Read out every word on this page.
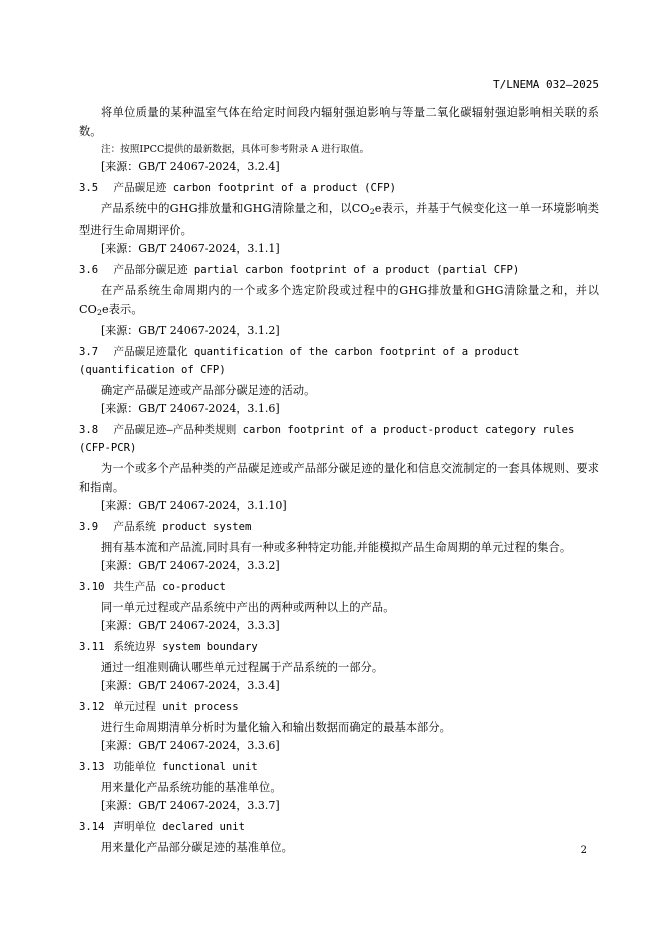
T/LNEMA 032—2025

将单位质量的某种温室气体在给定时间段内辐射强迫影响与等量二氧化碳辐射强迫影响相关联的系数。

注：按照IPCC提供的最新数据，具体可参考附录 A 进行取值。

[来源：GB/T 24067-2024，3.2.4]

3.5 产品碳足迹 carbon footprint of a product (CFP)

产品系统中的GHG排放量和GHG清除量之和，以$CO_2e$表示，并基于气候变化这一单一环境影响类型进行生命周期评价。

[来源：GB/T 24067-2024，3.1.1]

3.6 产品部分碳足迹 partial carbon footprint of a product (partial CFP)

在产品系统生命周期内的一个或多个选定阶段或过程中的GHG排放量和GHG清除量之和，并以$CO_2e$表示。

[来源：GB/T 24067-2024，3.1.2]

3.7 产品碳足迹量化 quantification of the carbon footprint of a product (quantification of CFP)

确定产品碳足迹或产品部分碳足迹的活动。

[来源：GB/T 24067-2024，3.1.6]

3.8 产品碳足迹—产品种类规则 carbon footprint of a product-product category rules (CFP-PCR)

为一个或多个产品种类的产品碳足迹或产品部分碳足迹的量化和信息交流制定的一套具体规则、要求和指南。

[来源：GB/T 24067-2024，3.1.10]

3.9 产品系统 product system

拥有基本流和产品流,同时具有一种或多种特定功能,并能模拟产品生命周期的单元过程的集合。

[来源：GB/T 24067-2024，3.3.2]

3.10 共生产品 co-product

同一单元过程或产品系统中产出的两种或两种以上的产品。

[来源：GB/T 24067-2024，3.3.3]

3.11 系统边界 system boundary

通过一组准则确认哪些单元过程属于产品系统的一部分。

[来源：GB/T 24067-2024，3.3.4]

3.12 单元过程 unit process

进行生命周期清单分析时为量化输入和输出数据而确定的最基本部分。

[来源：GB/T 24067-2024，3.3.6]

3.13 功能单位 functional unit

用来量化产品系统功能的基准单位。

[来源：GB/T 24067-2024，3.3.7]

3.14 声明单位 declared unit

用来量化产品部分碳足迹的基准单位。	2
